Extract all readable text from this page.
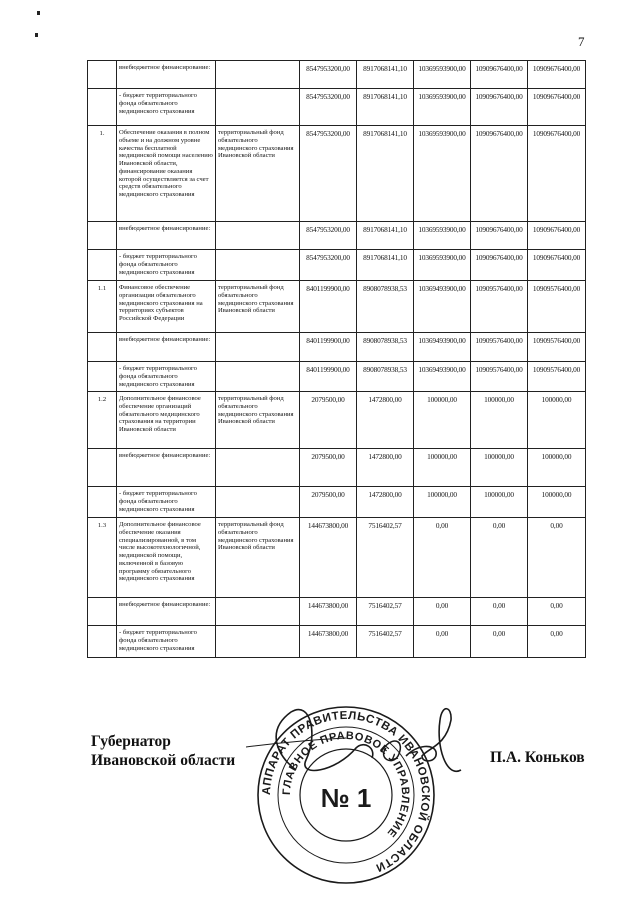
7
	внебюджетное финансирование:		8547953200,00	8917068141,10	10369593900,00	10909676400,00	10909676400,00
	- бюджет территориального фонда обязательного медицинского страхования		8547953200,00	8917068141,10	10369593900,00	10909676400,00	10909676400,00
1.	Обеспечение оказания в полном объеме и на должном уровне качества бесплатной медицинской помощи населению Ивановской области, финансирование оказания которой осуществляется за счет средств обязательного медицинского страхования	территориальный фонд обязательного медицинского страхования Ивановской области	8547953200,00	8917068141,10	10369593900,00	10909676400,00	10909676400,00
	внебюджетное финансирование:		8547953200,00	8917068141,10	10369593900,00	10909676400,00	10909676400,00
	- бюджет территориального фонда обязательного медицинского страхования		8547953200,00	8917068141,10	10369593900,00	10909676400,00	10909676400,00
1.1	Финансовое обеспечение организации обязательного медицинского страхования на территориях субъектов Российской Федерации	территориальный фонд обязательного медицинского страхования Ивановской области	8401199900,00	8908078938,53	10369493900,00	10909576400,00	10909576400,00
	внебюджетное финансирование:		8401199900,00	8908078938,53	10369493900,00	10909576400,00	10909576400,00
	- бюджет территориального фонда обязательного медицинского страхования		8401199900,00	8908078938,53	10369493900,00	10909576400,00	10909576400,00
1.2	Дополнительное финансовое обеспечение организаций обязательного медицинского страхования на территории Ивановской области	территориальный фонд обязательного медицинского страхования Ивановской области	2079500,00	1472800,00	100000,00	100000,00	100000,00
	внебюджетное финансирование:		2079500,00	1472800,00	100000,00	100000,00	100000,00
	- бюджет территориального фонда обязательного медицинского страхования		2079500,00	1472800,00	100000,00	100000,00	100000,00
1.3	Дополнительное финансовое обеспечение оказания специализированной, в том числе высокотехнологичной, медицинской помощи, включенной в базовую программу обязательного медицинского страхования	территориальный фонд обязательного медицинского страхования Ивановской области	144673800,00	7516402,57	0,00	0,00	0,00
	внебюджетное финансирование:		144673800,00	7516402,57	0,00	0,00	0,00
	- бюджет территориального фонда обязательного медицинского страхования		144673800,00	7516402,57	0,00	0,00	0,00
Губернатор
Ивановской области	П.А. Коньков
АППАРАТ ПРАВИТЕЛЬСТВА ИВАНОВСКОЙ ОБЛАСТИ
ГЛАВНОЕ ПРАВОВОЕ УПРАВЛЕНИЕ
№ 1
